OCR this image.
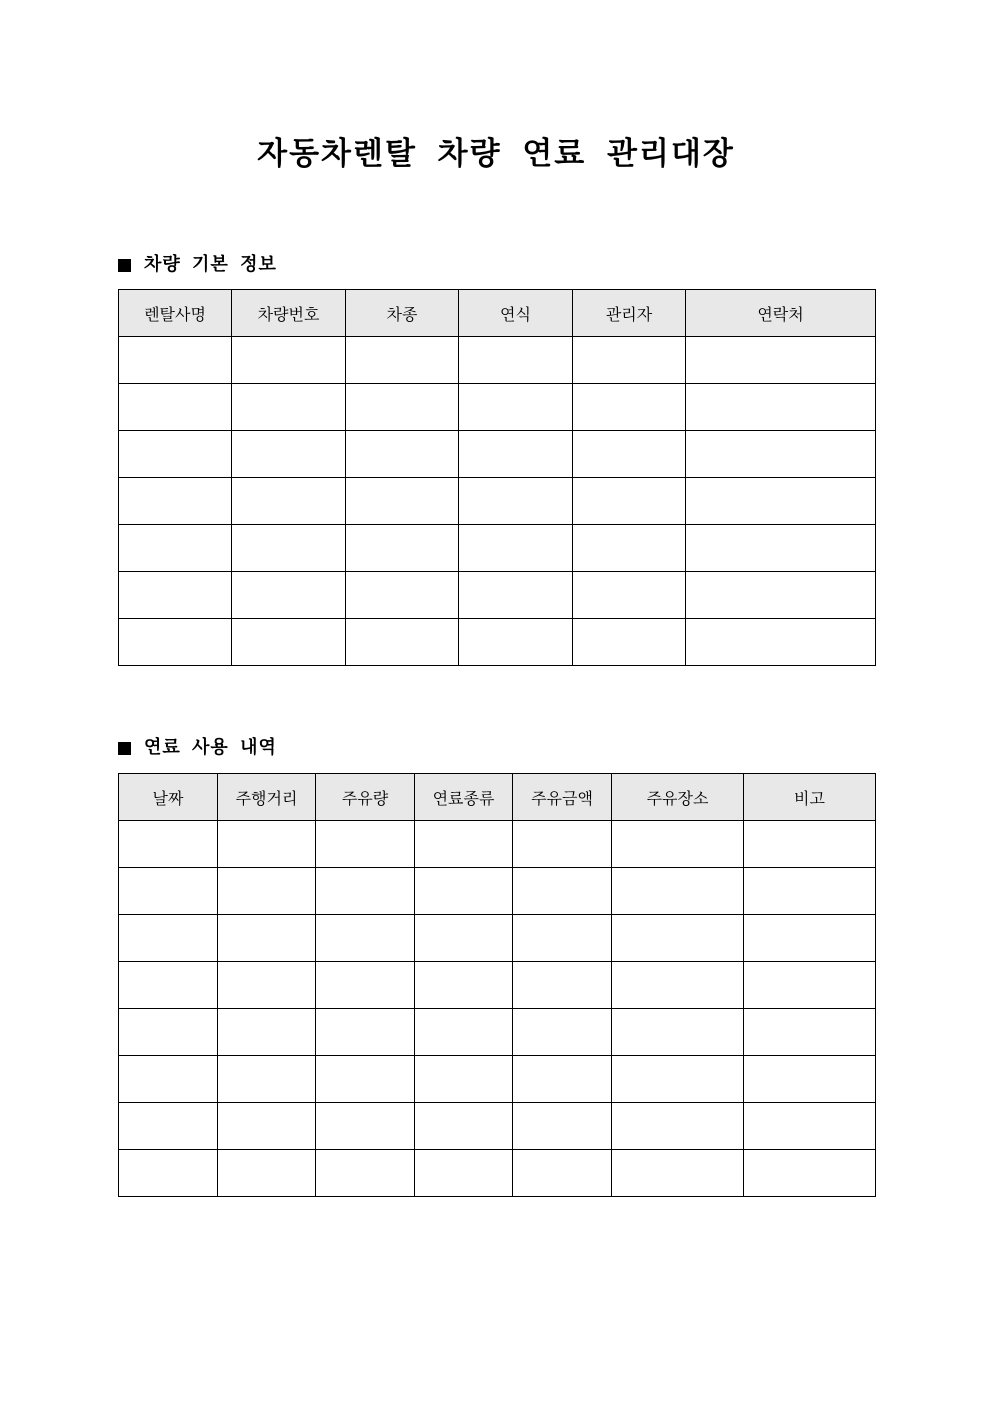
자동차렌탈 차량 연료 관리대장
차량 기본 정보
렌탈사명	차량번호	차종	연식	관리자	연락처

연료 사용 내역
날짜	주행거리	주유량	연료종류	주유금액	주유장소	비고
